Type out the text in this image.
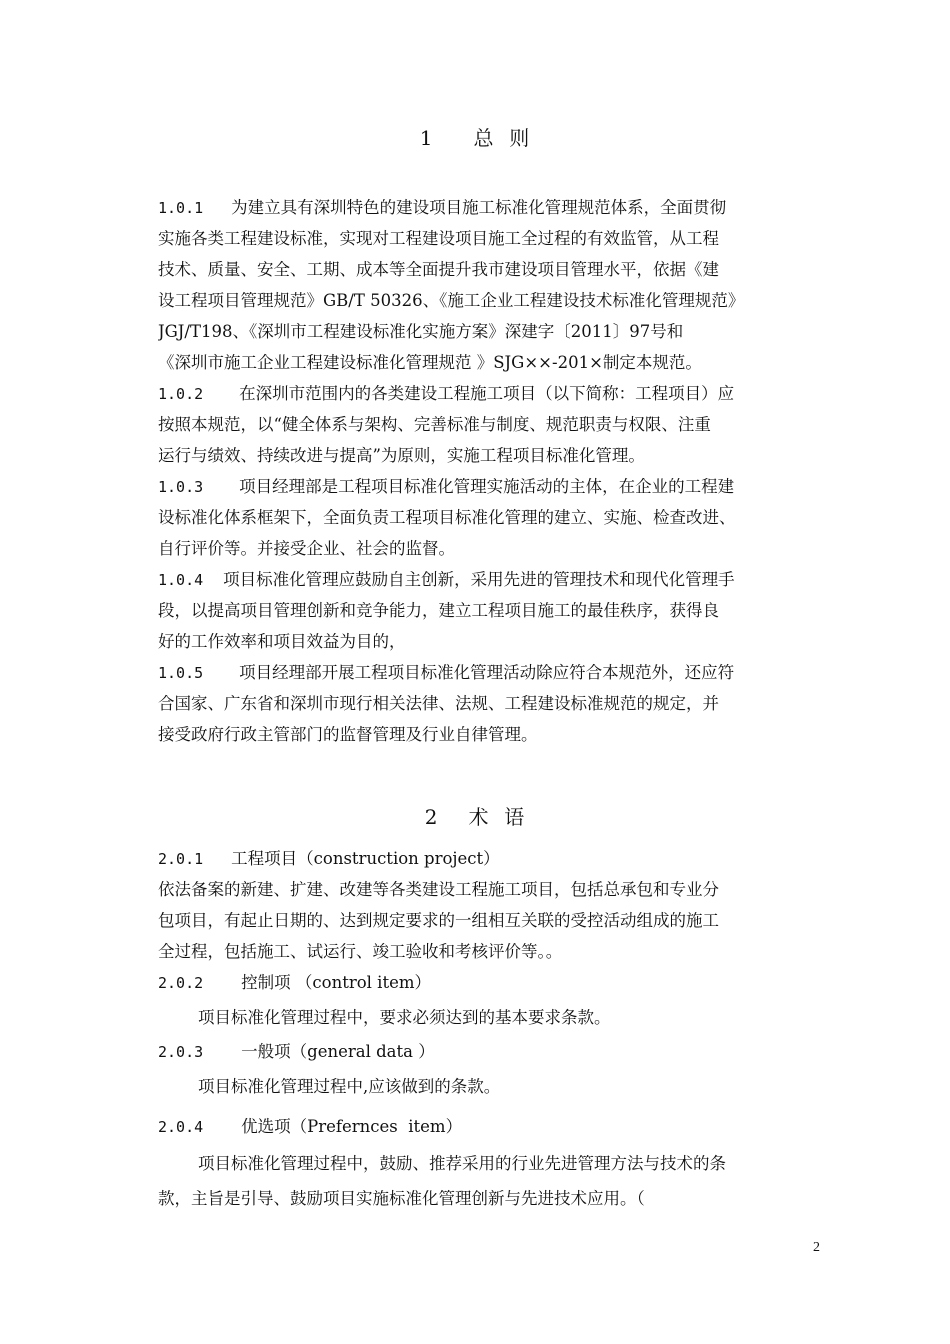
1 总  则
1.0.1 为建立具有深圳特色的建设项目施工标准化管理规范体系，全面贯彻
实施各类工程建设标准，实现对工程建设项目施工全过程的有效监管，从工程
技术、质量、安全、工期、成本等全面提升我市建设项目管理水平，依据《建
设工程项目管理规范》GB/T 50326、《施工企业工程建设技术标准化管理规范》
JGJ/T198、《深圳市工程建设标准化实施方案》深建字〔2011〕97号和
《深圳市施工企业工程建设标准化管理规范 》SJG××-201×制定本规范。
1.0.2 在深圳市范围内的各类建设工程施工项目（以下简称：工程项目）应
按照本规范，以“健全体系与架构、完善标准与制度、规范职责与权限、注重
运行与绩效、持续改进与提高”为原则，实施工程项目标准化管理。
1.0.3 项目经理部是工程项目标准化管理实施活动的主体，在企业的工程建
设标准化体系框架下，全面负责工程项目标准化管理的建立、实施、检查改进、
自行评价等。并接受企业、社会的监督。
1.0.4 项目标准化管理应鼓励自主创新，采用先进的管理技术和现代化管理手
段，以提高项目管理创新和竞争能力，建立工程项目施工的最佳秩序，获得良
好的工作效率和项目效益为目的，
1.0.5 项目经理部开展工程项目标准化管理活动除应符合本规范外，还应符
合国家、广东省和深圳市现行相关法律、法规、工程建设标准规范的规定，并
接受政府行政主管部门的监督管理及行业自律管理。
2 术  语
2.0.1 工程项目（construction project）
依法备案的新建、扩建、改建等各类建设工程施工项目，包括总承包和专业分
包项目，有起止日期的、达到规定要求的一组相互关联的受控活动组成的施工
全过程，包括施工、试运行、竣工验收和考核评价等。。
2.0.2 控制项 （control item）
项目标准化管理过程中，要求必须达到的基本要求条款。
2.0.3 一般项（general data ）
项目标准化管理过程中,应该做到的条款。
2.0.4 优选项（Prefernces  item）
项目标准化管理过程中，鼓励、推荐采用的行业先进管理方法与技术的条
款，主旨是引导、鼓励项目实施标准化管理创新与先进技术应用。（
2
